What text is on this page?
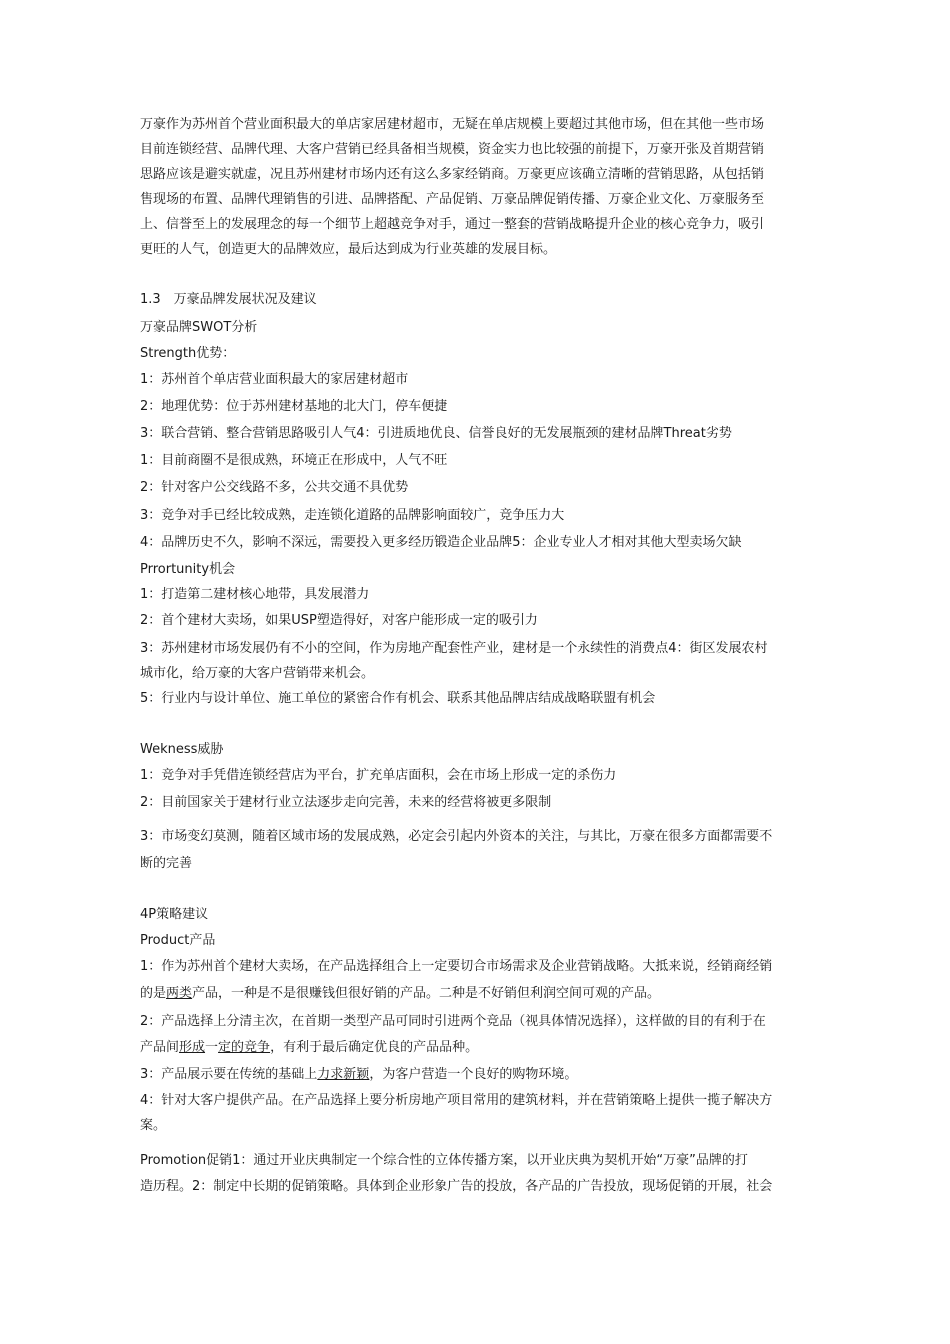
万豪作为苏州首个营业面积最大的单店家居建材超市，无疑在单店规模上要超过其他市场，但在其他一些市场
目前连锁经营、品牌代理、大客户营销已经具备相当规模，资金实力也比较强的前提下，万豪开张及首期营销
思路应该是避实就虚，况且苏州建材市场内还有这么多家经销商。万豪更应该确立清晰的营销思路，从包括销
售现场的布置、品牌代理销售的引进、品牌搭配、产品促销、万豪品牌促销传播、万豪企业文化、万豪服务至
上、信誉至上的发展理念的每一个细节上超越竞争对手，通过一整套的营销战略提升企业的核心竞争力，吸引
更旺的人气，创造更大的品牌效应，最后达到成为行业英雄的发展目标。
1.3　万豪品牌发展状况及建议
万豪品牌SWOT分析
Strength优势：
1：苏州首个单店营业面积最大的家居建材超市
2：地理优势：位于苏州建材基地的北大门，停车便捷
3：联合营销、整合营销思路吸引人气4：引进质地优良、信誉良好的无发展瓶颈的建材品牌Threat劣势
1：目前商圈不是很成熟，环境正在形成中，人气不旺
2：针对客户公交线路不多，公共交通不具优势
3：竞争对手已经比较成熟，走连锁化道路的品牌影响面较广，竞争压力大
4：品牌历史不久，影响不深远，需要投入更多经历锻造企业品牌5：企业专业人才相对其他大型卖场欠缺
Prrortunity机会
1：打造第二建材核心地带，具发展潜力
2：首个建材大卖场，如果USP塑造得好，对客户能形成一定的吸引力
3：苏州建材市场发展仍有不小的空间，作为房地产配套性产业，建材是一个永续性的消费点4：街区发展农村
城市化，给万豪的大客户营销带来机会。
5：行业内与设计单位、施工单位的紧密合作有机会、联系其他品牌店结成战略联盟有机会
Wekness威胁
1：竞争对手凭借连锁经营店为平台，扩充单店面积，会在市场上形成一定的杀伤力
2：目前国家关于建材行业立法逐步走向完善，未来的经营将被更多限制
3：市场变幻莫测，随着区域市场的发展成熟，必定会引起内外资本的关注，与其比，万豪在很多方面都需要不
断的完善
4P策略建议
Product产品
1：作为苏州首个建材大卖场，在产品选择组合上一定要切合市场需求及企业营销战略。大抵来说，经销商经销
的是两类产品，一种是不是很赚钱但很好销的产品。二种是不好销但利润空间可观的产品。
2：产品选择上分清主次，在首期一类型产品可同时引进两个竞品（视具体情况选择），这样做的目的有利于在
产品间形成一定的竞争，有利于最后确定优良的产品品种。
3：产品展示要在传统的基础上力求新颖，为客户营造一个良好的购物环境。
4：针对大客户提供产品。在产品选择上要分析房地产项目常用的建筑材料，并在营销策略上提供一揽子解决方
案。
Promotion促销1：通过开业庆典制定一个综合性的立体传播方案，以开业庆典为契机开始“万豪”品牌的打
造历程。2：制定中长期的促销策略。具体到企业形象广告的投放，各产品的广告投放，现场促销的开展，社会
